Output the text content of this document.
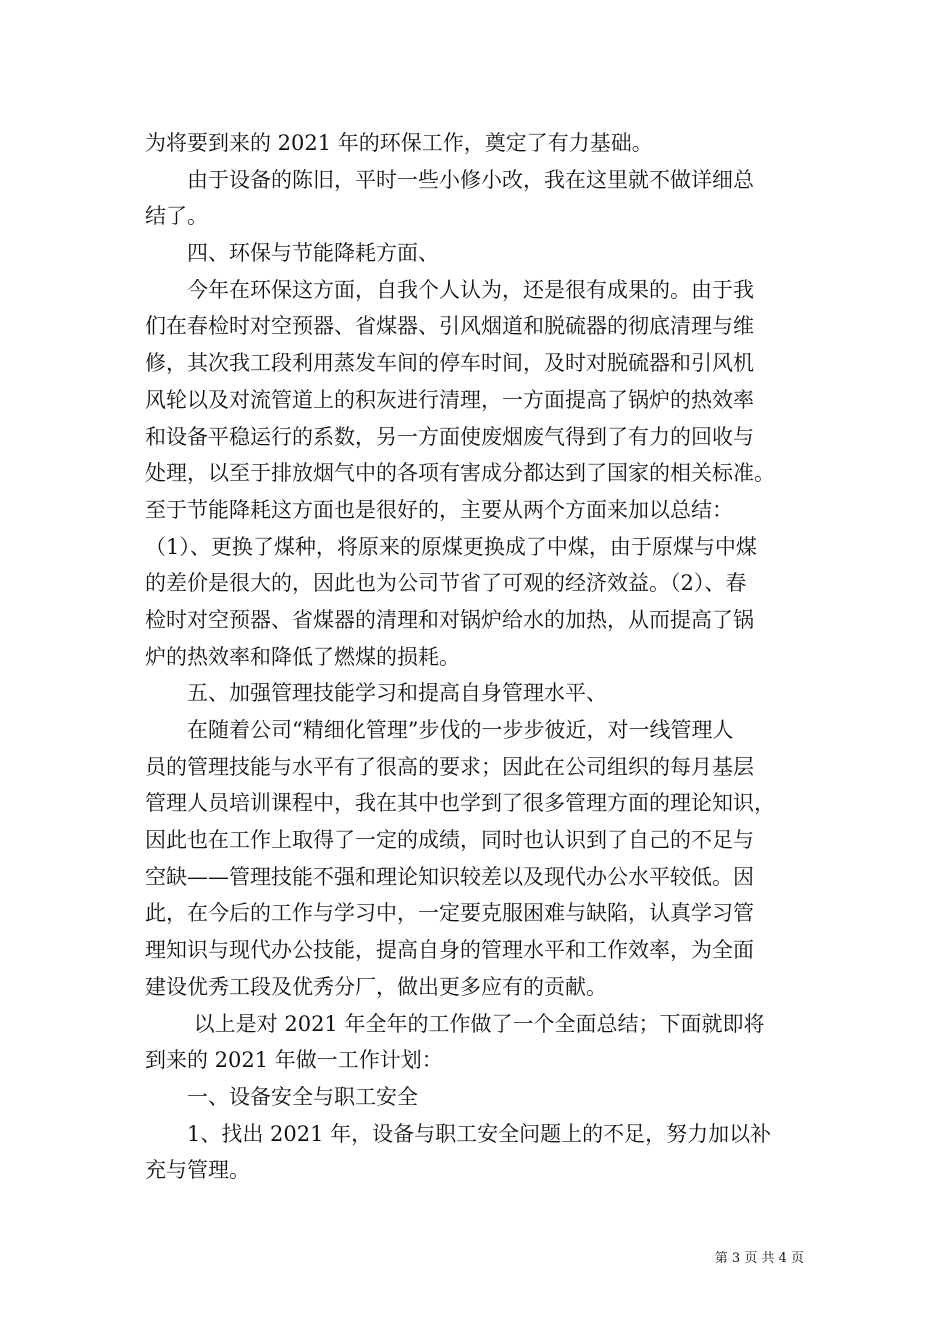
为将要到来的 2021 年的环保工作，奠定了有力基础。
　　由于设备的陈旧，平时一些小修小改，我在这里就不做详细总
结了。
　　四、环保与节能降耗方面、
　　今年在环保这方面，自我个人认为，还是很有成果的。由于我
们在春检时对空预器、省煤器、引风烟道和脱硫器的彻底清理与维
修，其次我工段利用蒸发车间的停车时间，及时对脱硫器和引风机
风轮以及对流管道上的积灰进行清理，一方面提高了锅炉的热效率
和设备平稳运行的系数，另一方面使废烟废气得到了有力的回收与
处理，以至于排放烟气中的各项有害成分都达到了国家的相关标准。
至于节能降耗这方面也是很好的，主要从两个方面来加以总结：
（1）、更换了煤种，将原来的原煤更换成了中煤，由于原煤与中煤
的差价是很大的，因此也为公司节省了可观的经济效益。（2）、春
检时对空预器、省煤器的清理和对锅炉给水的加热，从而提高了锅
炉的热效率和降低了燃煤的损耗。
　　五、加强管理技能学习和提高自身管理水平、
　　在随着公司“精细化管理”步伐的一步步彼近，对一线管理人
员的管理技能与水平有了很高的要求；因此在公司组织的每月基层
管理人员培训课程中，我在其中也学到了很多管理方面的理论知识，
因此也在工作上取得了一定的成绩，同时也认识到了自己的不足与
空缺——管理技能不强和理论知识较差以及现代办公水平较低。因
此，在今后的工作与学习中，一定要克服困难与缺陷，认真学习管
理知识与现代办公技能，提高自身的管理水平和工作效率，为全面
建设优秀工段及优秀分厂，做出更多应有的贡献。
　　 以上是对 2021 年全年的工作做了一个全面总结；下面就即将
到来的 2021 年做一工作计划：
　　一、设备安全与职工安全
　　1、找出 2021 年，设备与职工安全问题上的不足，努力加以补
充与管理。
第 3 页 共 4 页
